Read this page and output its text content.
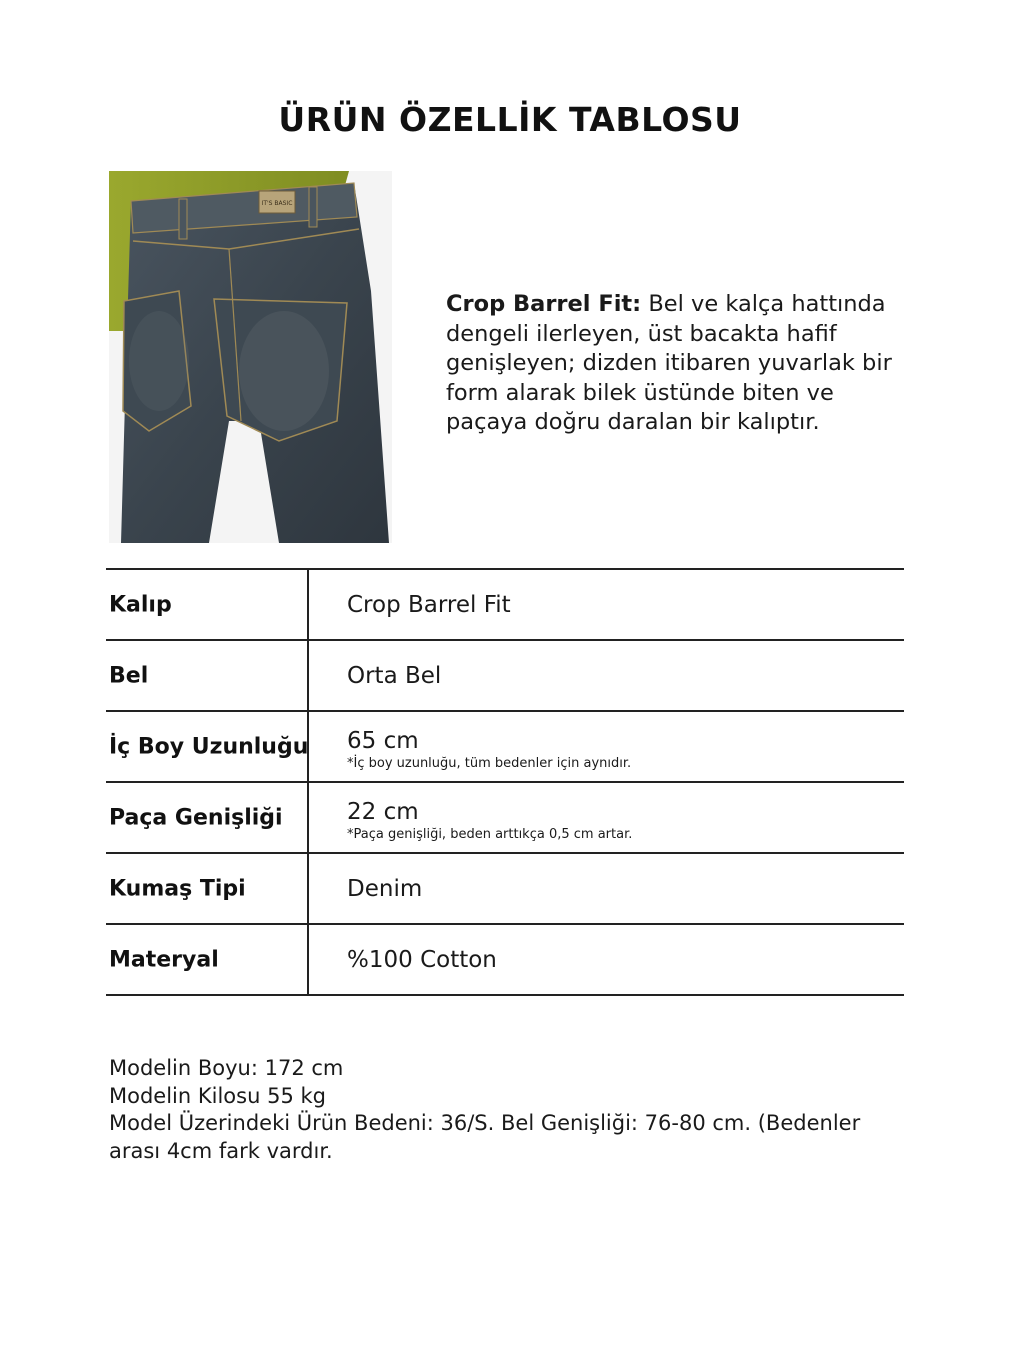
ÜRÜN ÖZELLİK TABLOSU
IT'S BASIC
Crop Barrel Fit: Bel ve kalça hattında dengeli ilerleyen, üst bacakta hafif genişleyen; dizden itibaren yuvarlak bir form alarak bilek üstünde biten ve paçaya doğru daralan bir kalıptır.
Kalıp	Crop Barrel Fit
Bel	Orta Bel
İç Boy Uzunluğu 65 cm
*İç boy uzunluğu, tüm bedenler için aynıdır.
Paça Genişliği	22 cm
*Paça genişliği, beden arttıkça 0,5 cm artar.
Kumaş Tipi	Denim
Materyal	%100 Cotton
Modelin Boyu: 172 cm
Modelin Kilosu 55 kg
Model Üzerindeki Ürün Bedeni: 36/S. Bel Genişliği: 76-80 cm. (Bedenler arası 4cm fark vardır.
